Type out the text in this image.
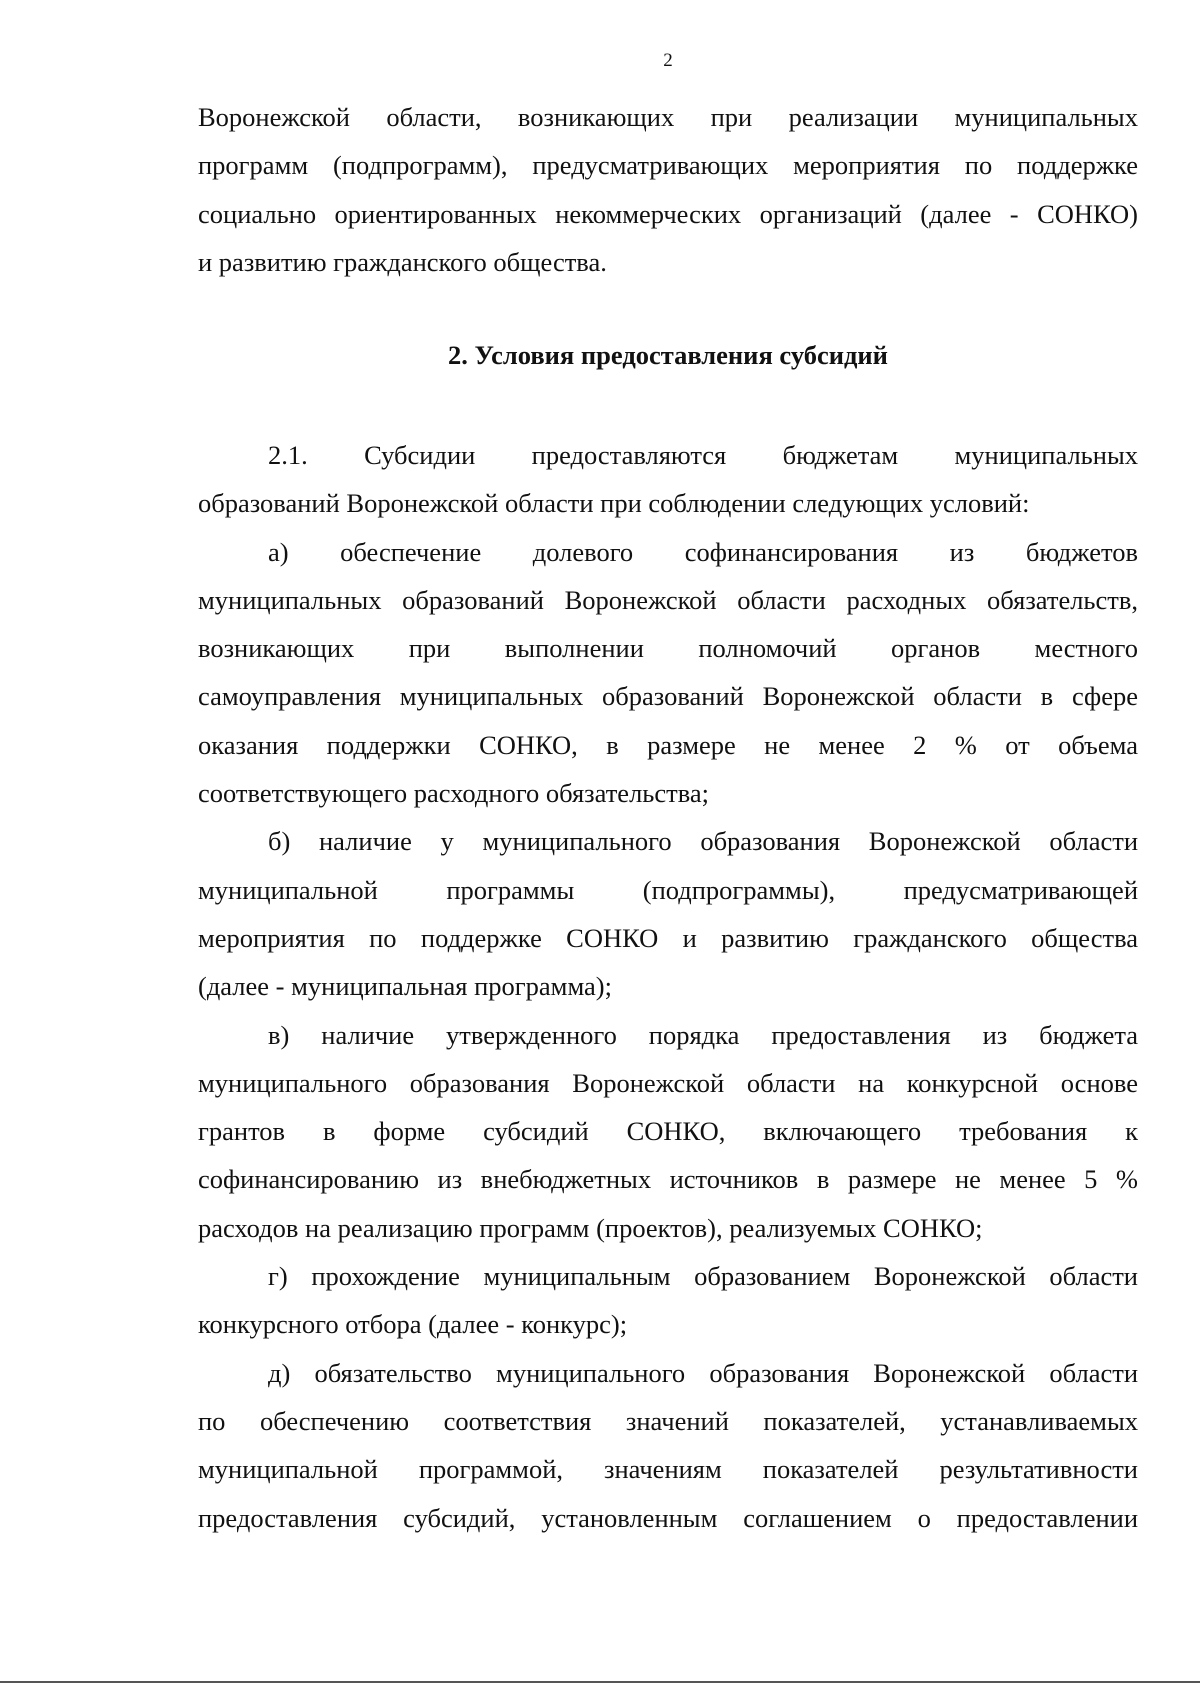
2
Воронежской области, возникающих при реализации муниципальных
программ (подпрограмм), предусматривающих мероприятия по поддержке
социально ориентированных некоммерческих организаций (далее - СОНКО)
и развитию гражданского общества.
2. Условия предоставления субсидий
2.1. Субсидии предоставляются бюджетам муниципальных
образований Воронежской области при соблюдении следующих условий:
а) обеспечение долевого софинансирования из бюджетов
муниципальных образований Воронежской области расходных обязательств,
возникающих при выполнении полномочий органов местного
самоуправления муниципальных образований Воронежской области в сфере
оказания поддержки СОНКО, в размере не менее 2 % от объема
соответствующего расходного обязательства;
б) наличие у муниципального образования Воронежской области
муниципальной программы (подпрограммы), предусматривающей
мероприятия по поддержке СОНКО и развитию гражданского общества
(далее - муниципальная программа);
в) наличие утвержденного порядка предоставления из бюджета
муниципального образования Воронежской области на конкурсной основе
грантов в форме субсидий СОНКО, включающего требования к
софинансированию из внебюджетных источников в размере не менее 5 %
расходов на реализацию программ (проектов), реализуемых СОНКО;
г) прохождение муниципальным образованием Воронежской области
конкурсного отбора (далее - конкурс);
д) обязательство муниципального образования Воронежской области
по обеспечению соответствия значений показателей, устанавливаемых
муниципальной программой, значениям показателей результативности
предоставления субсидий, установленным соглашением о предоставлении
